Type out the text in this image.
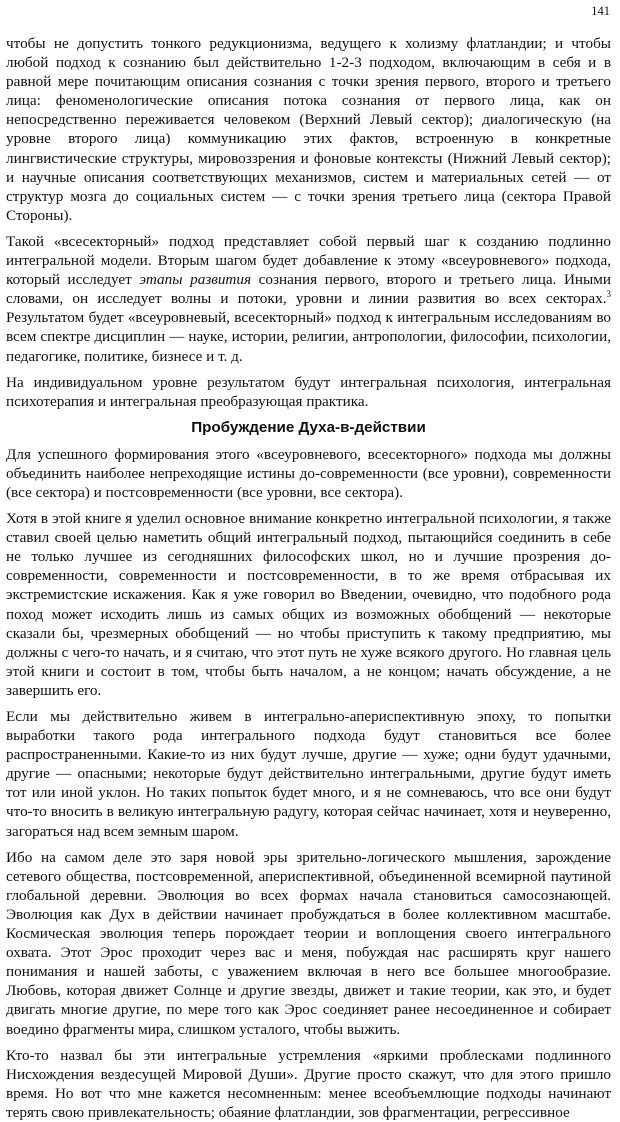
141

чтобы не допустить тонкого редукционизма, ведущего к холизму флатландии; и чтобы любой подход к сознанию был действительно 1-2-3 подходом, включающим в себя и в равной мере почитающим описания сознания с точки зрения первого, второго и третьего лица: феноменологические описания потока сознания от первого лица, как он непосредственно переживается человеком (Верхний Левый сектор); диалогическую (на уровне второго лица) коммуникацию этих фактов, встроенную в конкретные лингвистические структуры, мировоззрения и фоновые контексты (Нижний Левый сектор); и научные описания соответствующих механизмов, систем и материальных сетей — от структур мозга до социальных систем — с точки зрения третьего лица (сектора Правой Стороны).

Такой «всесекторный» подход представляет собой первый шаг к созданию подлинно интегральной модели. Вторым шагом будет добавление к этому «всеуровневого» подхода, который исследует этапы развития сознания первого, второго и третьего лица. Иными словами, он исследует волны и потоки, уровни и линии развития во всех секторах.$^3$ Результатом будет «всеуровневый, всесекторный» подход к интегральным исследованиям во всем спектре дисциплин — науке, истории, религии, антропологии, философии, психологии, педагогике, политике, бизнесе и т. д.

На индивидуальном уровне результатом будут интегральная психология, интегральная психотерапия и интегральная преобразующая практика.

Пробуждение Духа-в-действии

Для успешного формирования этого «всеуровневого, всесекторного» подхода мы должны объединить наиболее непреходящие истины до-современности (все уровни), современности (все сектора) и постсовременности (все уровни, все сектора).

Хотя в этой книге я уделил основное внимание конкретно интегральной психологии, я также ставил своей целью наметить общий интегральный подход, пытающийся соединить в себе не только лучшее из сегодняшних философских школ, но и лучшие прозрения до-современности, современности и постсовременности, в то же время отбрасывая их экстремистские искажения. Как я уже говорил во Введении, очевидно, что подобного рода поход может исходить лишь из самых общих из возможных обобщений — некоторые сказали бы, чрезмерных обобщений — но чтобы приступить к такому предприятию, мы должны с чего-то начать, и я считаю, что этот путь не хуже всякого другого. Но главная цель этой книги и состоит в том, чтобы быть началом, а не концом; начать обсуждение, а не завершить его.

Если мы действительно живем в интегрально-апериспективную эпоху, то попытки выработки такого рода интегрального подхода будут становиться все более распространенными. Какие-то из них будут лучше, другие — хуже; одни будут удачными, другие — опасными; некоторые будут действительно интегральными, другие будут иметь тот или иной уклон. Но таких попыток будет много, и я не сомневаюсь, что все они будут что-то вносить в великую интегральную радугу, которая сейчас начинает, хотя и неуверенно, загораться над всем земным шаром.

Ибо на самом деле это заря новой эры зрительно-логического мышления, зарождение сетевого общества, постсовременной, апериспективной, объединенной всемирной паутиной глобальной деревни. Эволюция во всех формах начала становиться самосознающей. Эволюция как Дух в действии начинает пробуждаться в более коллективном масштабе. Космическая эволюция теперь порождает теории и воплощения своего интегрального охвата. Этот Эрос проходит через вас и меня, побуждая нас расширять круг нашего понимания и нашей заботы, с уважением включая в него все большее многообразие. Любовь, которая движет Солнце и другие звезды, движет и такие теории, как это, и будет двигать многие другие, по мере того как Эрос соединяет ранее несоединенное и собирает воедино фрагменты мира, слишком усталого, чтобы выжить.

Кто-то назвал бы эти интегральные устремления «яркими проблесками подлинного Нисхождения вездесущей Мировой Души». Другие просто скажут, что для этого пришло время. Но вот что мне кажется несомненным: менее всеобъемлющие подходы начинают терять свою привлекательность; обаяние флатландии, зов фрагментации, регрессивное
